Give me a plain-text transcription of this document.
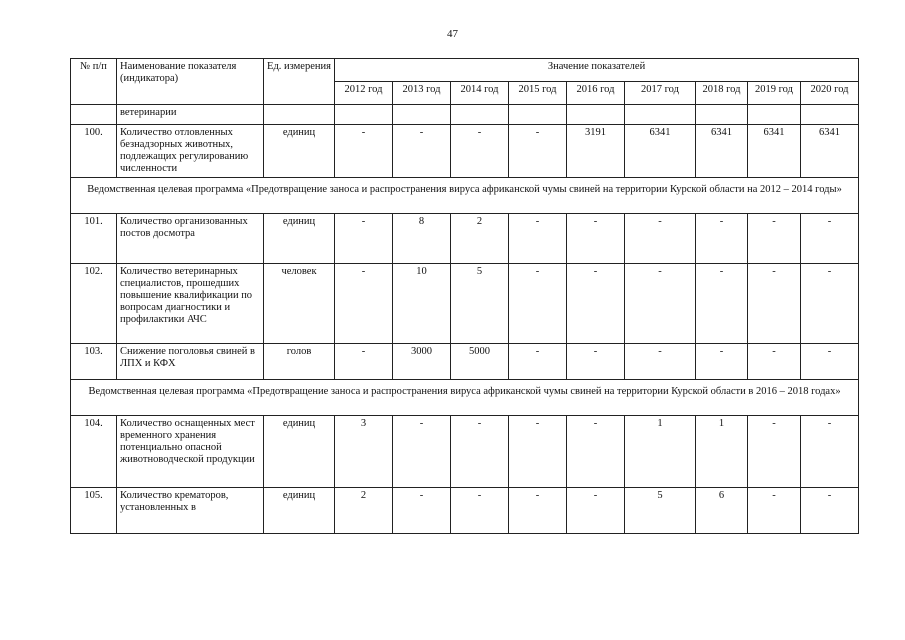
47
№ п/п	Наименование показателя (индикатора)	Ед. измерения	Значение показателей								
			2012 год	2013 год	2014 год	2015 год	2016 год	2017 год	2018 год	2019 год	2020 год
	ветеринарии										
100.	Количество отловленных безнадзорных животных, подлежащих регулированию численности	единиц	-	-	-	-	3191	6341	6341	6341	6341
Ведомственная целевая программа «Предотвращение заноса и распространения вируса африканской чумы свиней на территории Курской области на 2012 – 2014 годы»											
101.	Количество организованных постов досмотра	единиц	-	8	2	-	-	-	-	-	-
102.	Количество ветеринарных специалистов, прошедших повышение квалификации по вопросам диагностики и профилактики АЧС	человек	-	10	5	-	-	-	-	-	-
103.	Снижение поголовья свиней в ЛПХ и КФХ	голов	-	3000	5000	-	-	-	-	-	-
Ведомственная целевая программа «Предотвращение заноса и распространения вируса африканской чумы свиней на территории Курской области в 2016 – 2018 годах»											
104.	Количество оснащенных мест временного хранения потенциально опасной животноводческой продукции	единиц	3	-	-	-	-	1	1	-	-
105.	Количество крематоров, установленных в	единиц	2	-	-	-	-	5	6	-	-
